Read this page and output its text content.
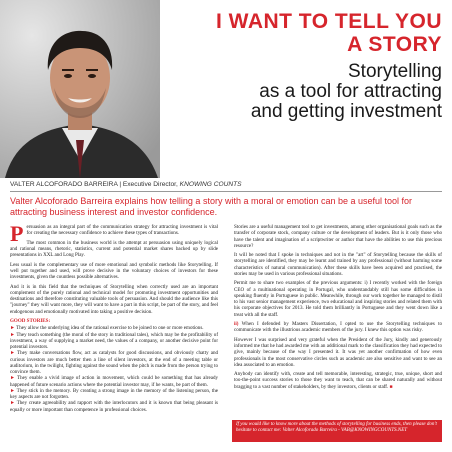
I WANT TO TELL YOU
A STORY
Storytelling
as a tool for attracting
and getting investment
VALTER ALCOFORADO BARREIRA | Executive Director, KNOWING COUNTS
Valter Alcoforado Barreira explains how telling a story with a moral or emotion can be a useful tool for attracting business interest and investor confidence.

Persuasion as an integral part of the communication strategy for attracting investment is vital for creating the necessary confidence to achieve these types of transactions.

The most common in the business world is the attempt at persuasion using uniquely logical and rational means, rhetoric, statistics, current and potential market shares backed up by slide presentations in XXL and Long Play.

Less usual is the complementary use of more emotional and symbolic methods like Storytelling. If well put together and used, will prove decisive in the voluntary choices of investors for these investments, given the countless possible alternatives.

And it is in this field that the techniques of Storytelling when correctly used are an important complement of the purely rational and technical model for promoting investment opportunities and destinations and therefore constituting valuable tools of persuasion. And should the audience like this "journey" they will want more, they will want to have a part in this script, be part of the story, and feel endogenous and emotionally motivated into taking a positive decision.

GOOD STORIES:
► They allow the underlying idea of the rational exercise to be joined to one or more emotions.
► They teach something (the moral of the story in traditional tales), which may be the profitability of investment, a way of supplying a market need, the values of a company, or another decisive point for potential investors.
► They make conversations flow, act as catalysts for good discussions, and obviously chatty and curious investors are much better then a line of silent investors, at the end of a meeting table or auditorium, in the twilight, fighting against the sound when the pitch is made from the person trying to convince them.
► They enable a vivid image of action in movement, which could be something that has already happened of future scenario actions where the potential investor may, if he wants, be part of them.
► They stick in the memory. By creating a strong image in the memory of the listening person, the key aspects are not forgotten.
► They create agreeability and rapport with the interlocutors and it is known that being pleasant is equally or more important than competence in professional choices.

Stories are a useful management tool to get investments, among other organisational goals such as the transfer of corporate stock, company culture or the development of leaders. But is it only those who have the talent and imagination of a scriptwriter or author that have the abilities to use this precious resource?

It will be noted that I spoke in techniques and not in the "art" of Storytelling because the skills of storytelling are identified, they may be learnt and trained by any professional (without harming some characteristics of natural communication). After these skills have been acquired and practised, the stories may be used in various professional situations.

Permit me to share two examples of the previous arguments: i) I recently worked with the foreign CEO of a multinational operating in Portugal, who understandably still has some difficulties in speaking fluently in Portuguese in public. Meanwhile, through our work together he managed to distil to his vast senior management experience, two educational and inspiring stories and related them with his corporate objectives for 2013. He told them brilliantly in Portuguese and they went down like a treat with all the staff.

ii) When I defended by Masters Dissertation, I opted to use the Storytelling techniques to communicate with the illustrious academic members of the jury. I knew this option was risky.

However I was surprised and very grateful when the President of the Jury, kindly and generously informed me that he had awarded me with an additional mark to the classification they had expected to give, mainly because of the way I presented it. It was yet another confirmation of how even professionals in the most conservative circles such as academic are also sensitive and want to see an idea associated to an emotion.

Anybody can identify with, create and tell memorable, interesting, strategic, true, unique, short and too-the-point success stories to those they want to teach, that can be shared naturally and without bragging to a vast number of stakeholders, by they investors, clients or staff. ■

If you would like to know more about the methods of storytelling for business ends, then please don't hesitate to contact me: Valter Alcoforado Barreira - VAB@KNOWINGCOUNTS.NET
